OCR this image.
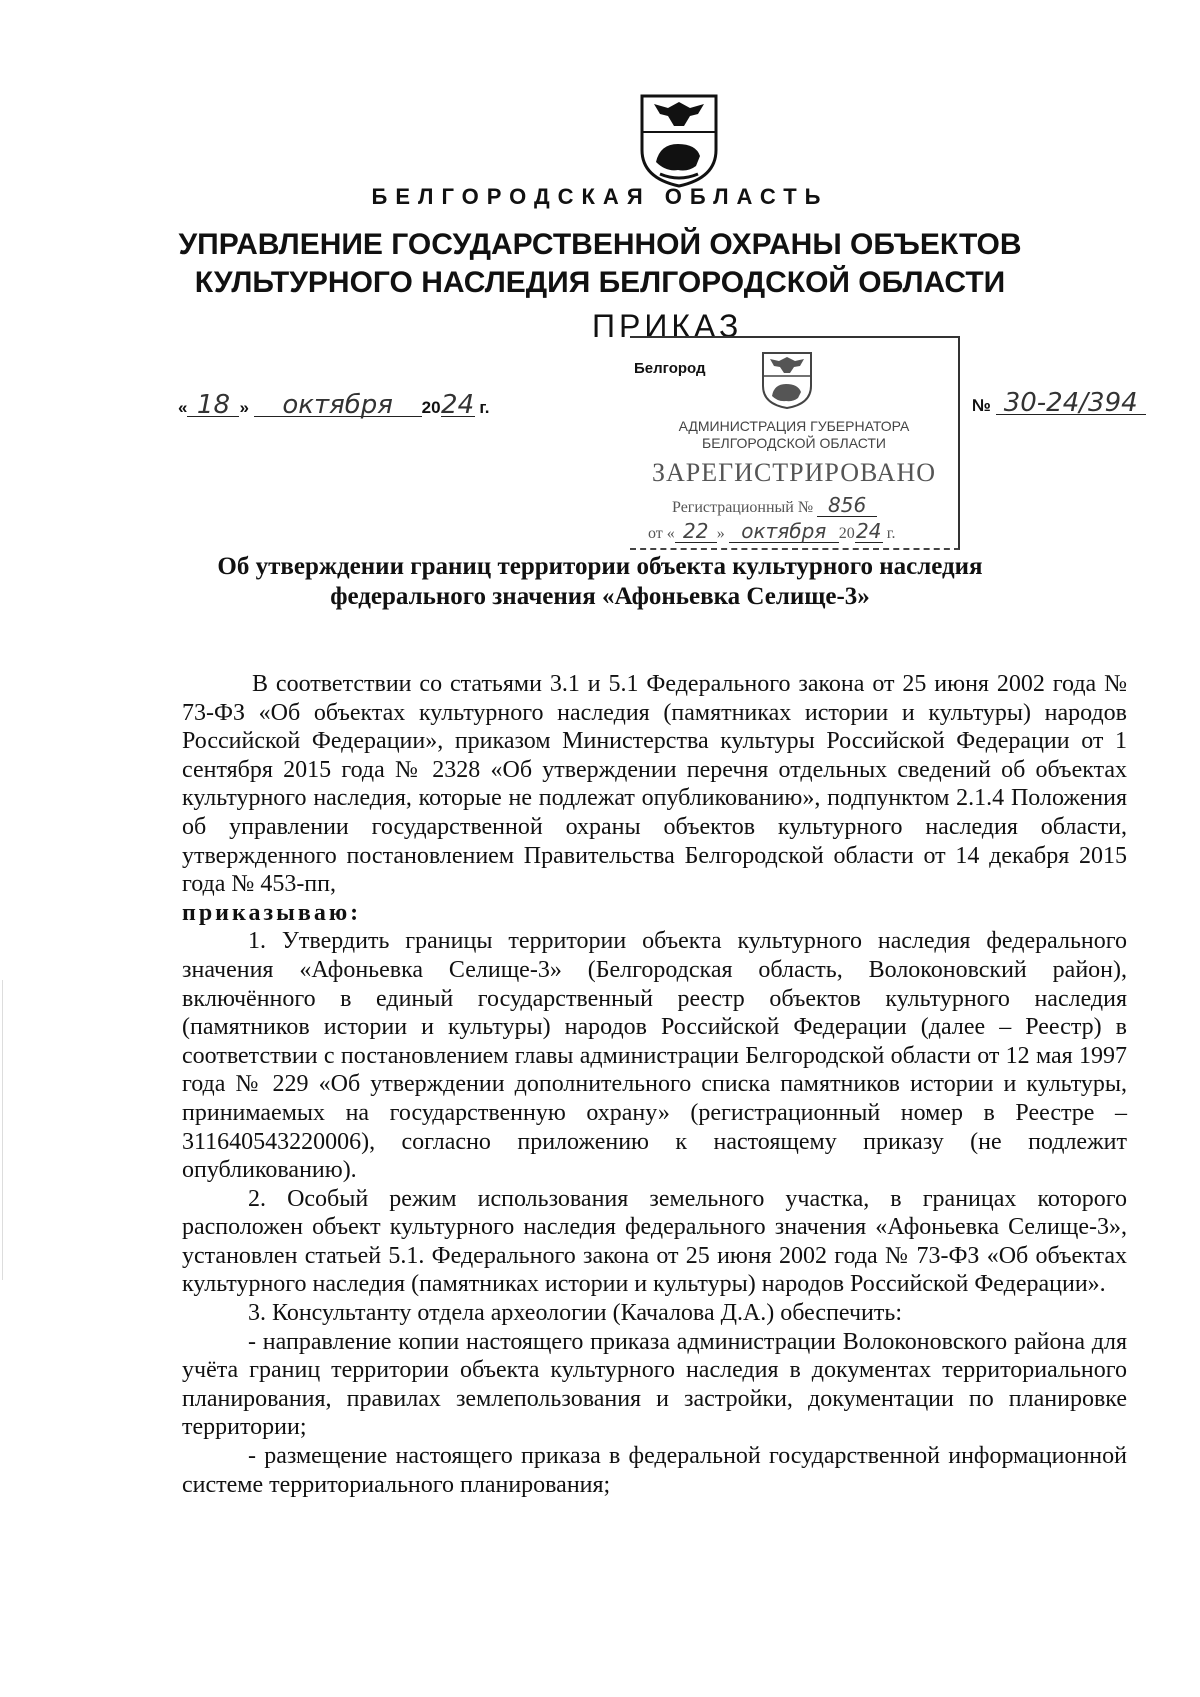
БЕЛГОРОДСКАЯ ОБЛАСТЬ
УПРАВЛЕНИЕ ГОСУДАРСТВЕННОЙ ОХРАНЫ ОБЪЕКТОВ
КУЛЬТУРНОГО НАСЛЕДИЯ БЕЛГОРОДСКОЙ ОБЛАСТИ
ПРИКАЗ
« 18 » октября 2024 г.	№ 30-24/394
Белгород
АДМИНИСТРАЦИЯ ГУБЕРНАТОРА
БЕЛГОРОДСКОЙ ОБЛАСТИ
ЗАРЕГИСТРИРОВАНО
Регистрационный № 856
от « 22 » октября 2024 г.
Об утверждении границ территории объекта культурного наследия
федерального значения «Афоньевка Селище-3»

В соответствии со статьями 3.1 и 5.1 Федерального закона от 25 июня 2002 года № 73-ФЗ «Об объектах культурного наследия (памятниках истории и культуры) народов Российской Федерации», приказом Министерства культуры Российской Федерации от 1 сентября 2015 года № 2328 «Об утверждении перечня отдельных сведений об объектах культурного наследия, которые не подлежат опубликованию», подпунктом 2.1.4 Положения об управлении государственной охраны объектов культурного наследия области, утвержденного постановлением Правительства Белгородской области от 14 декабря 2015 года № 453-пп,

приказываю:

1. Утвердить границы территории объекта культурного наследия федерального значения «Афоньевка Селище-3» (Белгородская область, Волоконовский район), включённого в единый государственный реестр объектов культурного наследия (памятников истории и культуры) народов Российской Федерации (далее – Реестр) в соответствии с постановлением главы администрации Белгородской области от 12 мая 1997 года № 229 «Об утверждении дополнительного списка памятников истории и культуры, принимаемых на государственную охрану» (регистрационный номер в Реестре – 311640543220006), согласно приложению к настоящему приказу (не подлежит опубликованию).

2. Особый режим использования земельного участка, в границах которого расположен объект культурного наследия федерального значения «Афоньевка Селище-3», установлен статьей 5.1. Федерального закона от 25 июня 2002 года № 73-ФЗ «Об объектах культурного наследия (памятниках истории и культуры) народов Российской Федерации».

3. Консультанту отдела археологии (Качалова Д.А.) обеспечить:

- направление копии настоящего приказа администрации Волоконовского района для учёта границ территории объекта культурного наследия в документах территориального планирования, правилах землепользования и застройки, документации по планировке территории;

- размещение настоящего приказа в федеральной государственной информационной системе территориального планирования;
